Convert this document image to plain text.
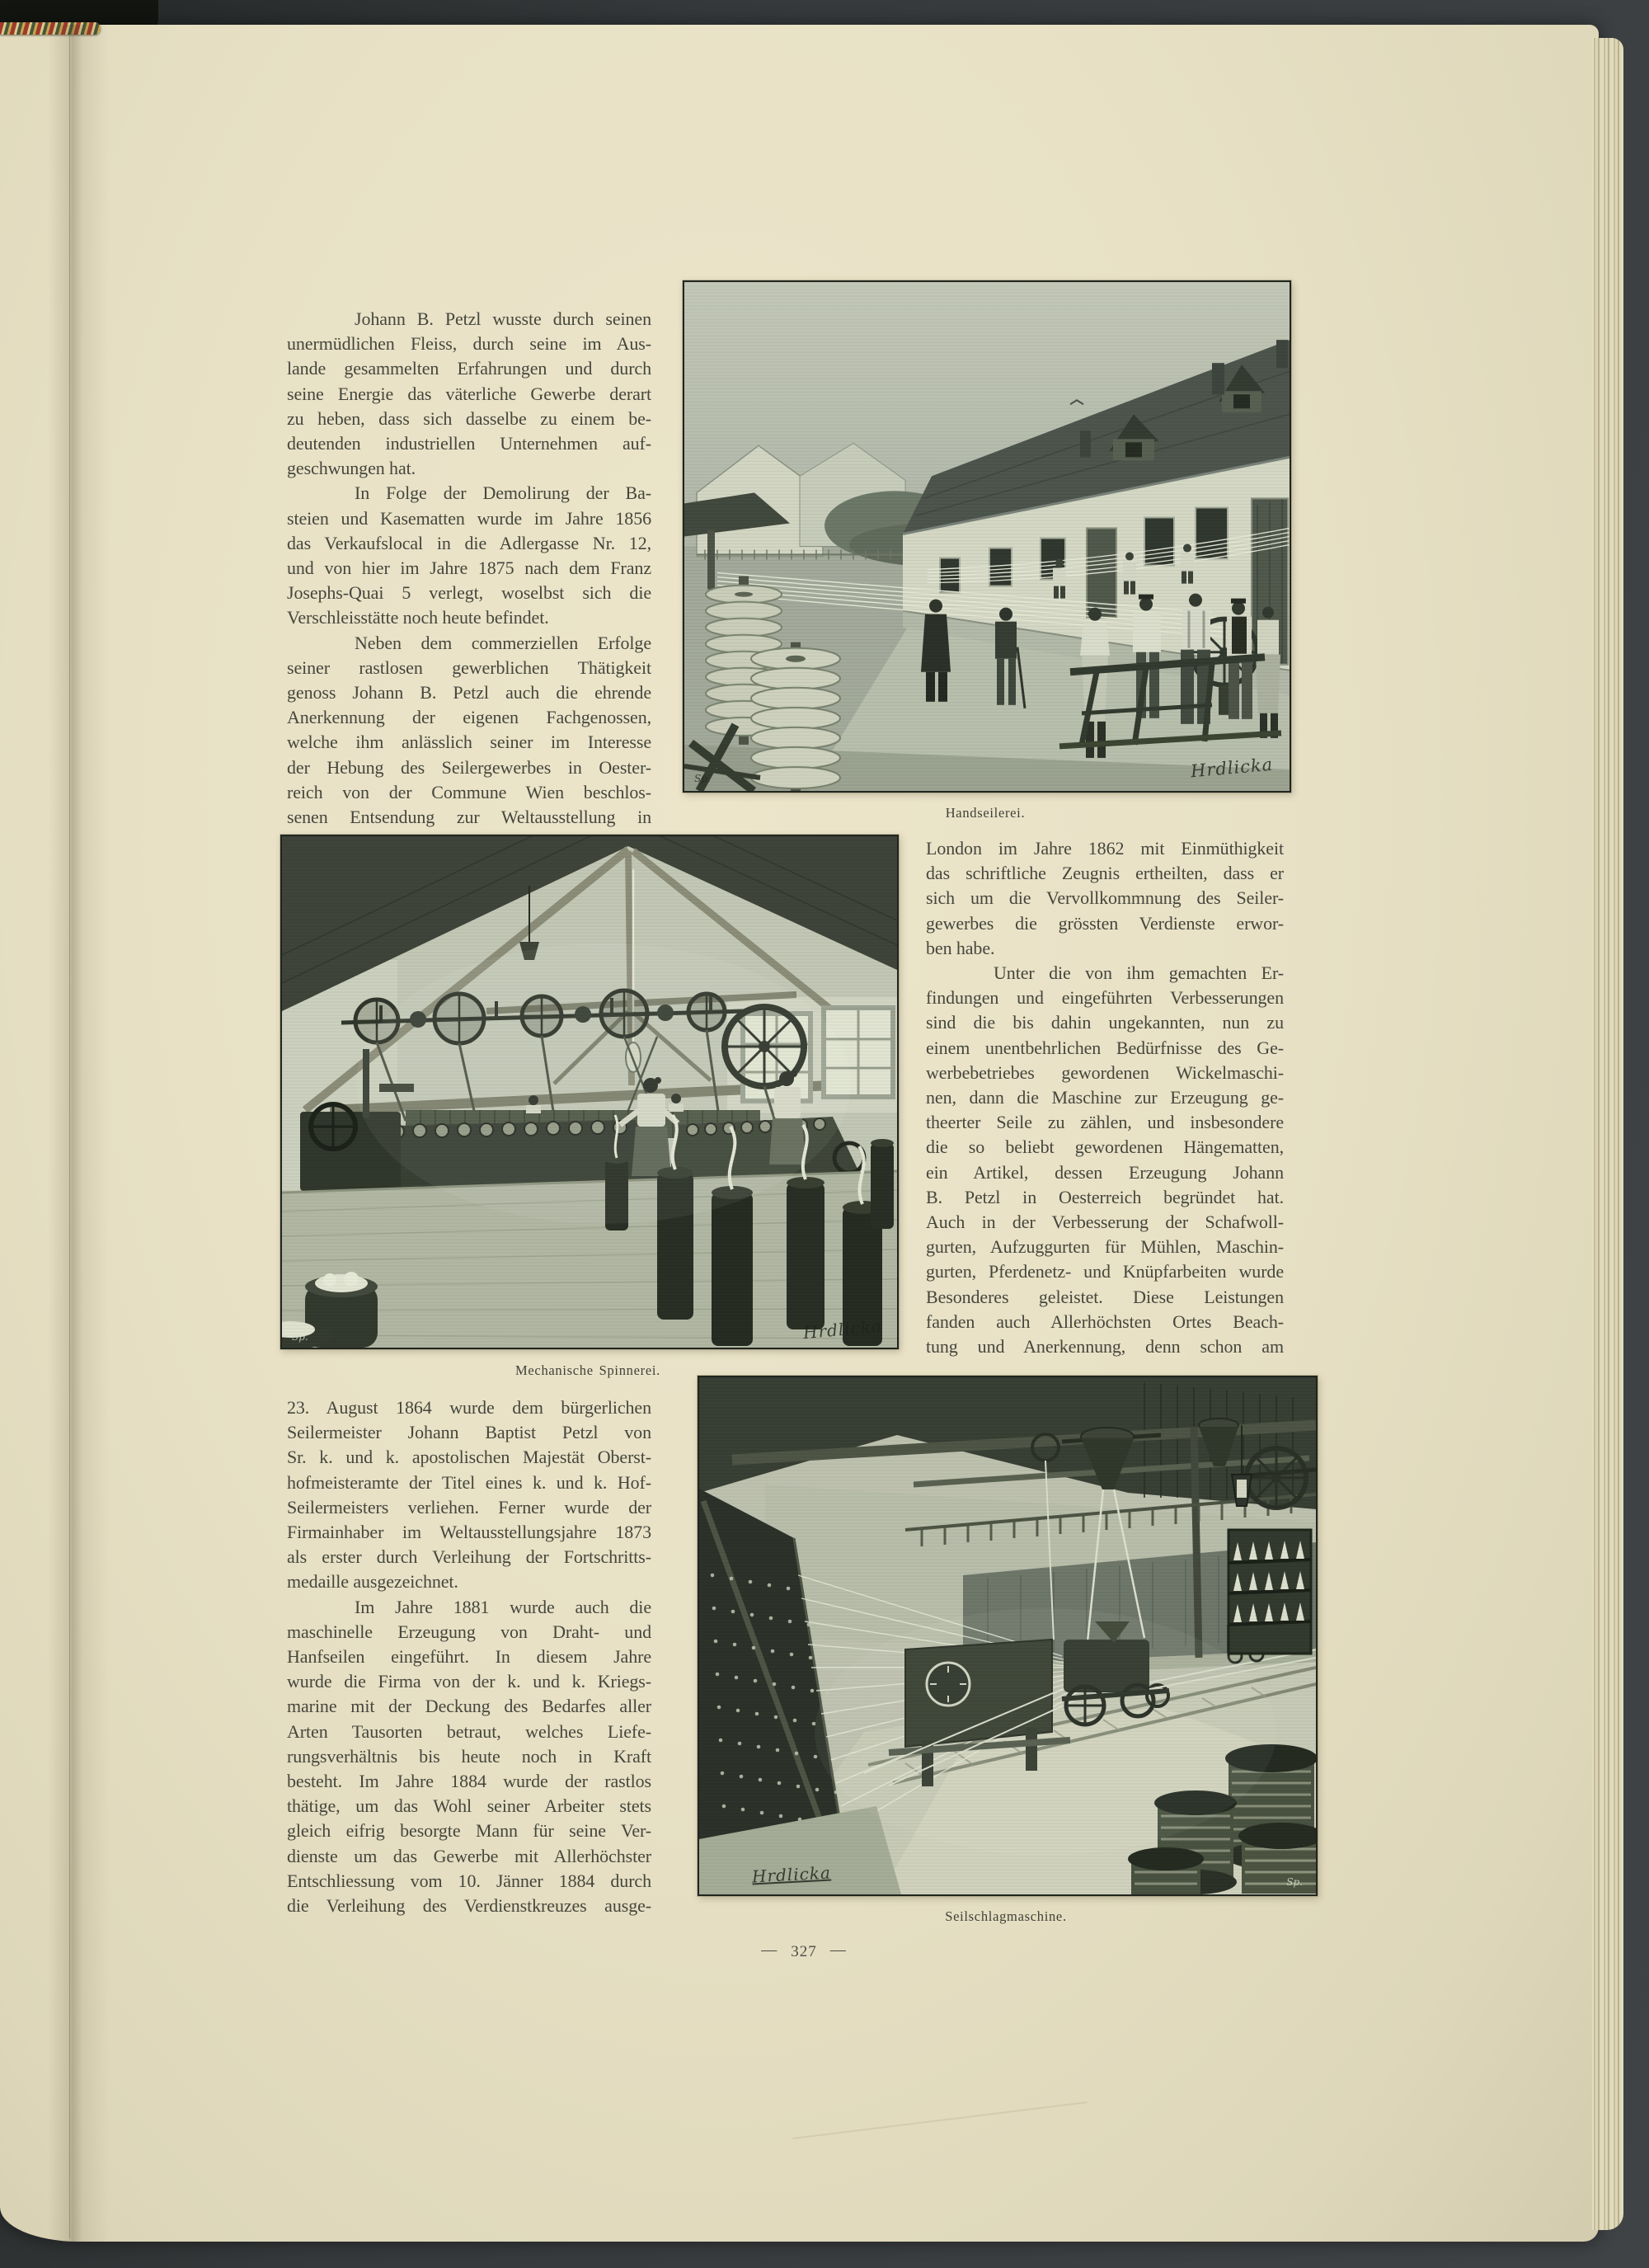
Johann B. Petzl wusste durch seinen
unermüdlichen Fleiss, durch seine im Aus-
lande gesammelten Erfahrungen und durch
seine Energie das väterliche Gewerbe derart
zu heben, dass sich dasselbe zu einem be-
deutenden industriellen Unternehmen auf-
geschwungen hat.
In Folge der Demolirung der Ba-
steien und Kasematten wurde im Jahre 1856
das Verkaufslocal in die Adlergasse Nr. 12,
und von hier im Jahre 1875 nach dem Franz
Josephs-Quai 5 verlegt, woselbst sich die
Verschleisstätte noch heute befindet.
Neben dem commerziellen Erfolge
seiner rastlosen gewerblichen Thätigkeit
genoss Johann B. Petzl auch die ehrende
Anerkennung der eigenen Fachgenossen,
welche ihm anlässlich seiner im Interesse
der Hebung des Seilergewerbes in Oester-
reich von der Commune Wien beschlos-
senen Entsendung zur Weltausstellung in
London im Jahre 1862 mit Einmüthigkeit
das schriftliche Zeugnis ertheilten, dass er
sich um die Vervollkommnung des Seiler-
gewerbes die grössten Verdienste erwor-
ben habe.
Unter die von ihm gemachten Er-
findungen und eingeführten Verbesserungen
sind die bis dahin ungekannten, nun zu
einem unentbehrlichen Bedürfnisse des Ge-
werbebetriebes gewordenen Wickelmaschi-
nen, dann die Maschine zur Erzeugung ge-
theerter Seile zu zählen, und insbesondere
die so beliebt gewordenen Hängematten,
ein Artikel, dessen Erzeugung Johann
B. Petzl in Oesterreich begründet hat.
Auch in der Verbesserung der Schafwoll-
gurten, Aufzuggurten für Mühlen, Maschin-
gurten, Pferdenetz- und Knüpfarbeiten wurde
Besonderes geleistet. Diese Leistungen
fanden auch Allerhöchsten Ortes Beach-
tung und Anerkennung, denn schon am
23. August 1864 wurde dem bürgerlichen
Seilermeister Johann Baptist Petzl von
Sr. k. und k. apostolischen Majestät Oberst-
hofmeisteramte der Titel eines k. und k. Hof-
Seilermeisters verliehen. Ferner wurde der
Firmainhaber im Weltausstellungsjahre 1873
als erster durch Verleihung der Fortschritts-
medaille ausgezeichnet.
Im Jahre 1881 wurde auch die
maschinelle Erzeugung von Draht- und
Hanfseilen eingeführt. In diesem Jahre
wurde die Firma von der k. und k. Kriegs-
marine mit der Deckung des Bedarfes aller
Arten Tausorten betraut, welches Liefe-
rungsverhältnis bis heute noch in Kraft
besteht. Im Jahre 1884 wurde der rastlos
thätige, um das Wohl seiner Arbeiter stets
gleich eifrig besorgte Mann für seine Ver-
dienste um das Gewerbe mit Allerhöchster
Entschliessung vom 10. Jänner 1884 durch
die Verleihung des Verdienstkreuzes ausge-
Hrdlicka
Sp.
Handseilerei.
Hrdlicka
Sp.
Mechanische Spinnerei.
Hrdlicka	Sp.
Seilschlagmaschine.
— 327 —
